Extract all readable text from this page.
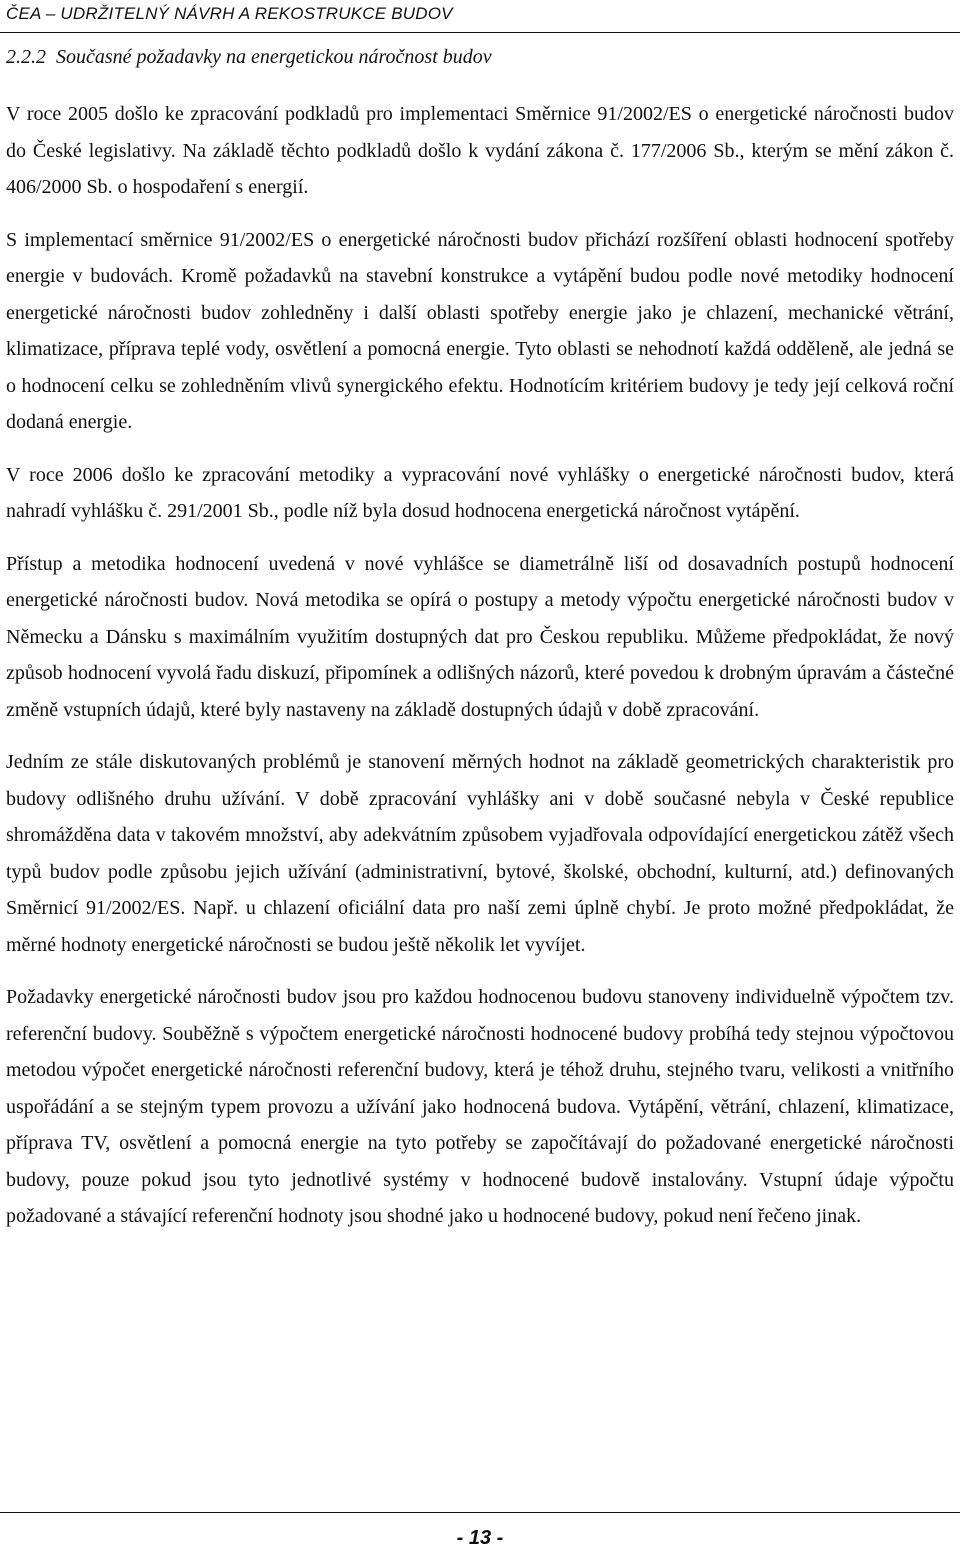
ČEA – UDRŽITELNÝ NÁVRH A REKOSTRUKCE BUDOV
2.2.2 Současné požadavky na energetickou náročnost budov

V roce 2005 došlo ke zpracování podkladů pro implementaci Směrnice 91/2002/ES o energetické náročnosti budov do České legislativy. Na základě těchto podkladů došlo k vydání zákona č. 177/2006 Sb., kterým se mění zákon č. 406/2000 Sb. o hospodaření s energií.

S implementací směrnice 91/2002/ES o energetické náročnosti budov přichází rozšíření oblasti hodnocení spotřeby energie v budovách. Kromě požadavků na stavební konstrukce a vytápění budou podle nové metodiky hodnocení energetické náročnosti budov zohledněny i další oblasti spotřeby energie jako je chlazení, mechanické větrání, klimatizace, příprava teplé vody, osvětlení a pomocná energie. Tyto oblasti se nehodnotí každá odděleně, ale jedná se o hodnocení celku se zohledněním vlivů synergického efektu. Hodnotícím kritériem budovy je tedy její celková roční dodaná energie.

V roce 2006 došlo ke zpracování metodiky a vypracování nové vyhlášky o energetické náročnosti budov, která nahradí vyhlášku č. 291/2001 Sb., podle níž byla dosud hodnocena energetická náročnost vytápění.

Přístup a metodika hodnocení uvedená v nové vyhlášce se diametrálně liší od dosavadních postupů hodnocení energetické náročnosti budov. Nová metodika se opírá o postupy a metody výpočtu energetické náročnosti budov v Německu a Dánsku s maximálním využitím dostupných dat pro Českou republiku. Můžeme předpokládat, že nový způsob hodnocení vyvolá řadu diskuzí, připomínek a odlišných názorů, které povedou k drobným úpravám a částečné změně vstupních údajů, které byly nastaveny na základě dostupných údajů v době zpracování.

Jedním ze stále diskutovaných problémů je stanovení měrných hodnot na základě geometrických charakteristik pro budovy odlišného druhu užívání. V době zpracování vyhlášky ani v době současné nebyla v České republice shromážděna data v takovém množství, aby adekvátním způsobem vyjadřovala odpovídající energetickou zátěž všech typů budov podle způsobu jejich užívání (administrativní, bytové, školské, obchodní, kulturní, atd.) definovaných Směrnicí 91/2002/ES. Např. u chlazení oficiální data pro naší zemi úplně chybí. Je proto možné předpokládat, že měrné hodnoty energetické náročnosti se budou ještě několik let vyvíjet.

Požadavky energetické náročnosti budov jsou pro každou hodnocenou budovu stanoveny individuelně výpočtem tzv. referenční budovy. Souběžně s výpočtem energetické náročnosti hodnocené budovy probíhá tedy stejnou výpočtovou metodou výpočet energetické náročnosti referenční budovy, která je téhož druhu, stejného tvaru, velikosti a vnitřního uspořádání a se stejným typem provozu a užívání jako hodnocená budova. Vytápění, větrání, chlazení, klimatizace, příprava TV, osvětlení a pomocná energie na tyto potřeby se započítávají do požadované energetické náročnosti budovy, pouze pokud jsou tyto jednotlivé systémy v hodnocené budově instalovány. Vstupní údaje výpočtu požadované a stávající referenční hodnoty jsou shodné jako u hodnocené budovy, pokud není řečeno jinak.

- 13 -
